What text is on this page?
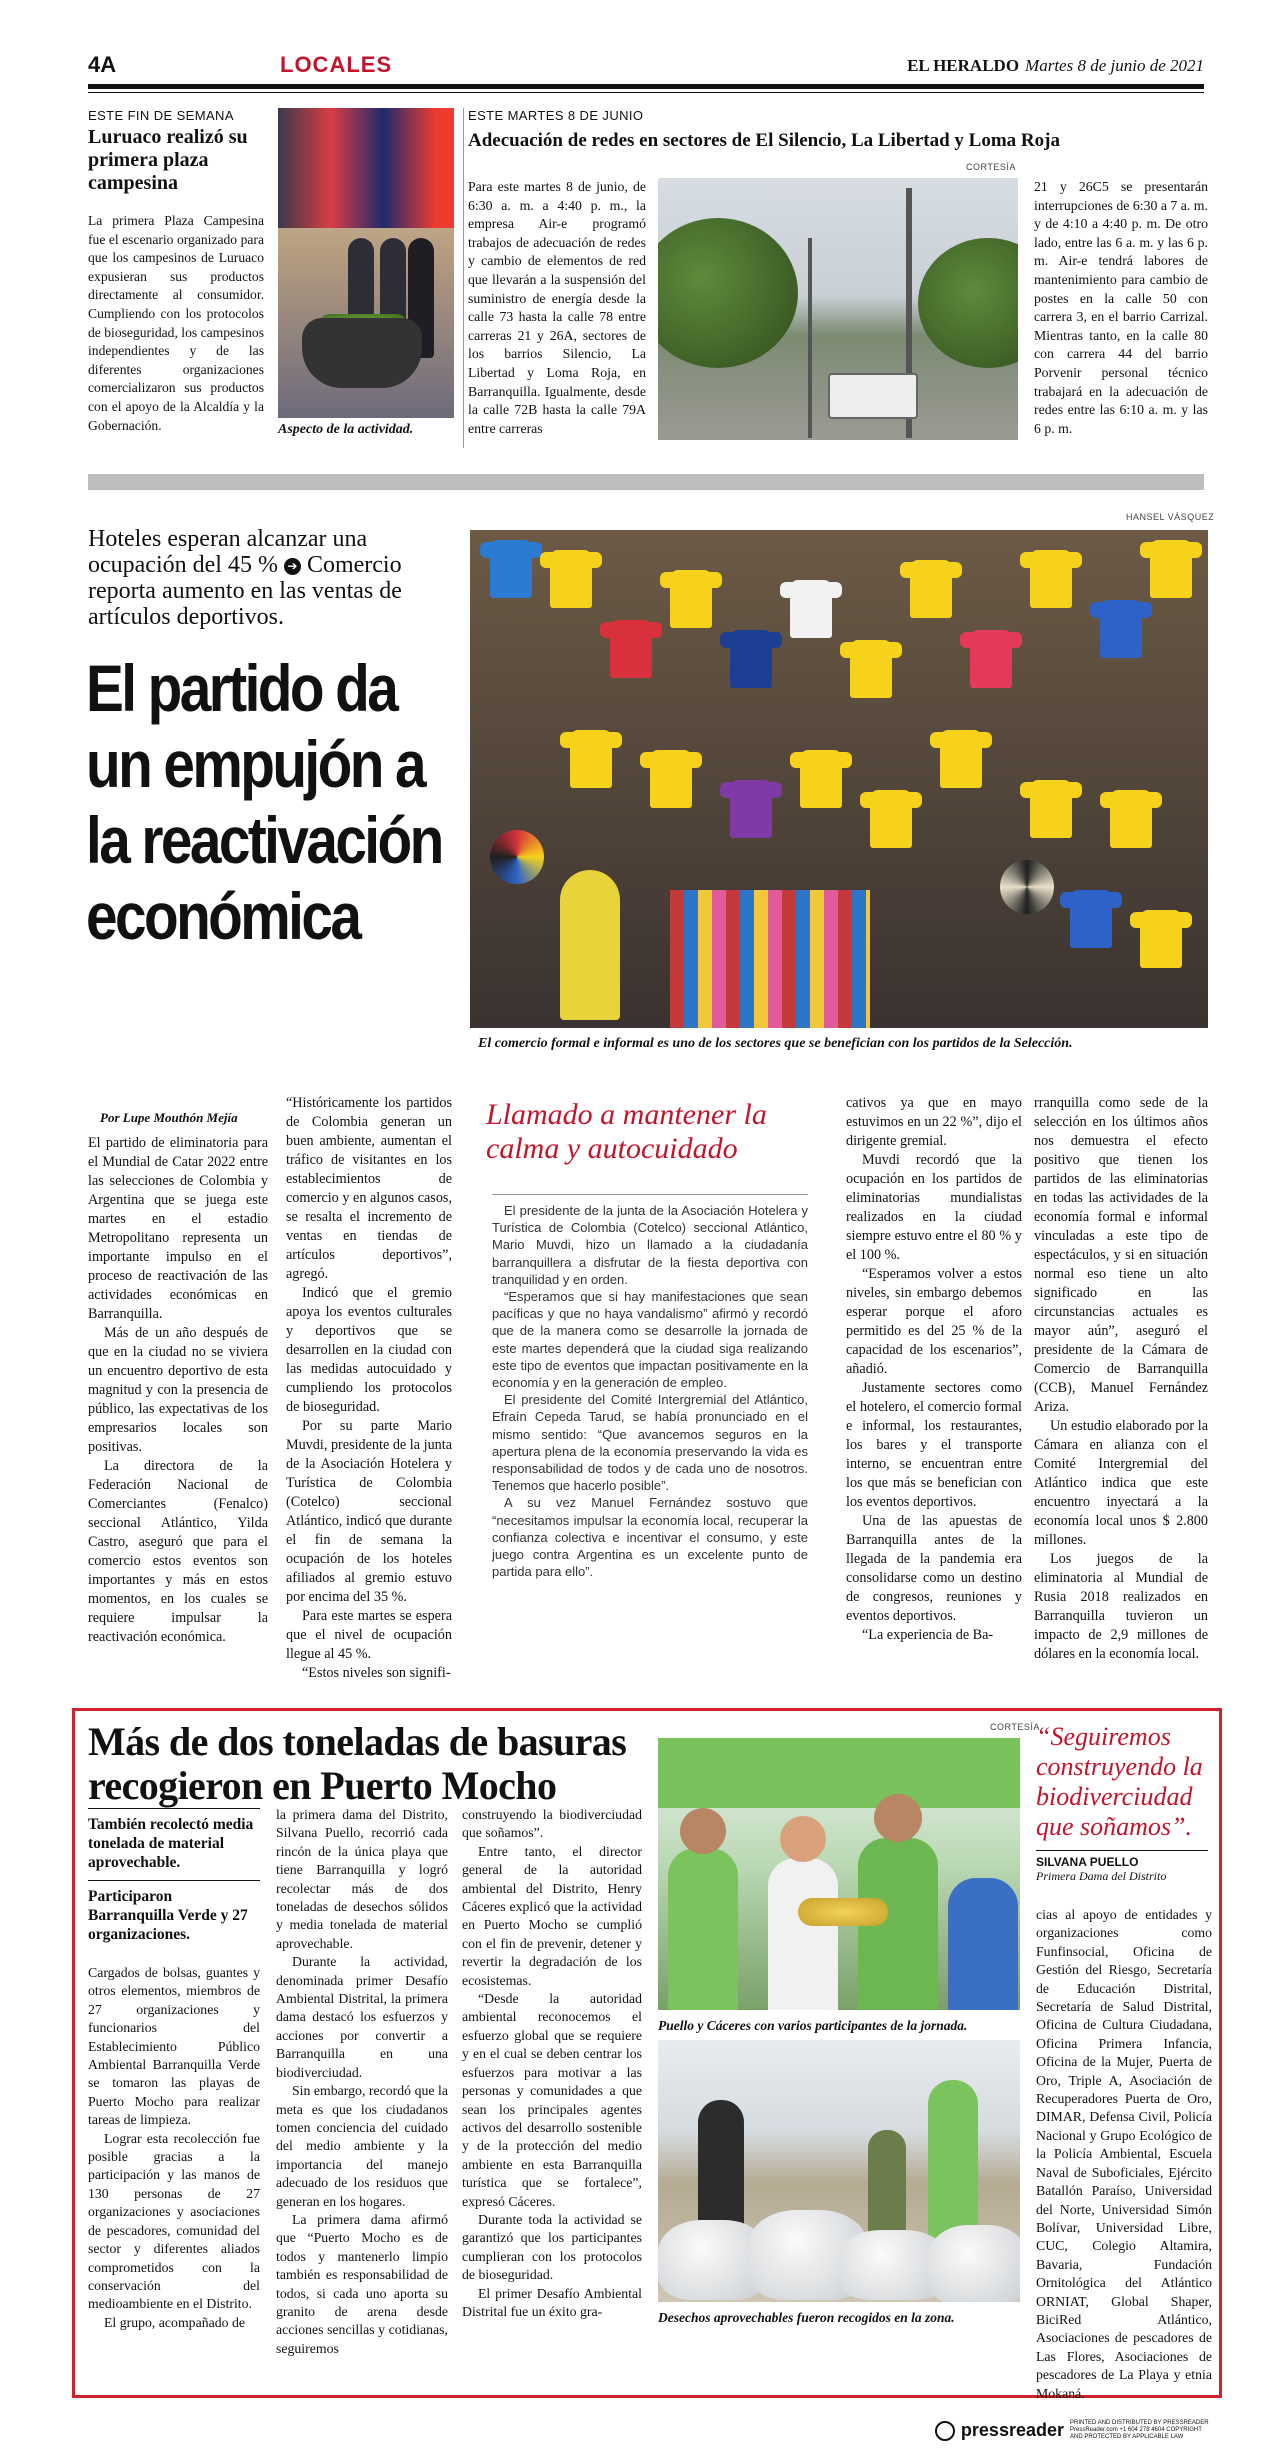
4A	LOCALES	EL HERALDO Martes 8 de junio de 2021
ESTE FIN DE SEMANA
Luruaco realizó su primera plaza campesina
La primera Plaza Campesina fue el escenario organizado para que los campesinos de Luruaco expusieran sus productos directamente al consumidor. Cumpliendo con los protocolos de bioseguridad, los campesinos independientes y de las diferentes organizaciones comercializaron sus productos con el apoyo de la Alcaldía y la Gobernación.	Aspecto de la actividad.
ESTE MARTES 8 DE JUNIO
Adecuación de redes en sectores de El Silencio, La Libertad y Loma Roja
CORTESÍA
Para este martes 8 de junio, de 6:30 a. m. a 4:40 p. m., la empresa Air-e programó trabajos de adecuación de redes y cambio de elementos de red que llevarán a la suspensión del suministro de energía desde la calle 73 hasta la calle 78 entre carreras 21 y 26A, sectores de los barrios Silencio, La Libertad y Loma Roja, en Barranquilla. Igualmente, desde la calle 72B hasta la calle 79A entre carreras
21 y 26C5 se presentarán interrupciones de 6:30 a 7 a. m. y de 4:10 a 4:40 p. m. De otro lado, entre las 6 a. m. y las 6 p. m. Air-e tendrá labores de mantenimiento para cambio de postes en la calle 50 con carrera 3, en el barrio Carrizal. Mientras tanto, en la calle 80 con carrera 44 del barrio Porvenir personal técnico trabajará en la adecuación de redes entre las 6:10 a. m. y las 6 p. m.
HANSEL VÁSQUEZ
Hoteles esperan alcanzar una ocupación del 45 % ➔ Comercio reporta aumento en las ventas de artículos deportivos.
El partido da un empujón a la reactivación económica
El comercio formal e informal es uno de los sectores que se benefician con los partidos de la Selección.
Por Lupe Mouthón Mejía

El partido de eliminatoria para el Mundial de Catar 2022 entre las selecciones de Colombia y Argentina que se juega este martes en el estadio Metropolitano representa un importante impulso en el proceso de reactivación de las actividades económicas en Barranquilla.

Más de un año después de que en la ciudad no se viviera un encuentro deportivo de esta magnitud y con la presencia de público, las expectativas de los empresarios locales son positivas.

La directora de la Federación Nacional de Comerciantes (Fenalco) seccional Atlántico, Yilda Castro, aseguró que para el comercio estos eventos son importantes y más en estos momentos, en los cuales se requiere impulsar la reactivación económica.

“Históricamente los partidos de Colombia generan un buen ambiente, aumentan el tráfico de visitantes en los establecimientos de comercio y en algunos casos, se resalta el incremento de ventas en tiendas de artículos deportivos”, agregó.

Indicó que el gremio apoya los eventos culturales y deportivos que se desarrollen en la ciudad con las medidas autocuidado y cumpliendo los protocolos de bioseguridad.

Por su parte Mario Muvdi, presidente de la junta de la Asociación Hotelera y Turística de Colombia (Cotelco) seccional Atlántico, indicó que durante el fin de semana la ocupación de los hoteles afiliados al gremio estuvo por encima del 35 %.

Para este martes se espera que el nivel de ocupación llegue al 45 %.

“Estos niveles son signifi-

Llamado a mantener la calma y autocuidado

El presidente de la junta de la Asociación Hotelera y Turística de Colombia (Cotelco) seccional Atlántico, Mario Muvdi, hizo un llamado a la ciudadanía barranquillera a disfrutar de la fiesta deportiva con tranquilidad y en orden.

“Esperamos que si hay manifestaciones que sean pacíficas y que no haya vandalismo” afirmó y recordó que de la manera como se desarrolle la jornada de este martes dependerá que la ciudad siga realizando este tipo de eventos que impactan positivamente en la economía y en la generación de empleo.

El presidente del Comité Intergremial del Atlántico, Efraín Cepeda Tarud, se había pronunciado en el mismo sentido: “Que avancemos seguros en la apertura plena de la economía preservando la vida es responsabilidad de todos y de cada uno de nosotros. Tenemos que hacerlo posible”.

A su vez Manuel Fernández sostuvo que “necesitamos impulsar la economía local, recuperar la confianza colectiva e incentivar el consumo, y este juego contra Argentina es un excelente punto de partida para ello”.

cativos ya que en mayo estuvimos en un 22 %”, dijo el dirigente gremial.

Muvdi recordó que la ocupación en los partidos de eliminatorias mundialistas realizados en la ciudad siempre estuvo entre el 80 % y el 100 %.

“Esperamos volver a estos niveles, sin embargo debemos esperar porque el aforo permitido es del 25 % de la capacidad de los escenarios”, añadió.

Justamente sectores como el hotelero, el comercio formal e informal, los restaurantes, los bares y el transporte interno, se encuentran entre los que más se benefician con los eventos deportivos.

Una de las apuestas de Barranquilla antes de la llegada de la pandemia era consolidarse como un destino de congresos, reuniones y eventos deportivos.

“La experiencia de Ba-

rranquilla como sede de la selección en los últimos años nos demuestra el efecto positivo que tienen los partidos de las eliminatorias en todas las actividades de la economía formal e informal vinculadas a este tipo de espectáculos, y si en situación normal eso tiene un alto significado en las circunstancias actuales es mayor aún”, aseguró el presidente de la Cámara de Comercio de Barranquilla (CCB), Manuel Fernández Ariza.

Un estudio elaborado por la Cámara en alianza con el Comité Intergremial del Atlántico indica que este encuentro inyectará a la economía local unos $ 2.800 millones.

Los juegos de la eliminatoria al Mundial de Rusia 2018 realizados en Barranquilla tuvieron un impacto de 2,9 millones de dólares en la economía local.

CORTESÍA
Más de dos toneladas de basuras recogieron en Puerto Mocho
También recolectó media tonelada de material aprovechable.
Participaron Barranquilla Verde y 27 organizaciones.

Cargados de bolsas, guantes y otros elementos, miembros de 27 organizaciones y funcionarios del Establecimiento Público Ambiental Barranquilla Verde se tomaron las playas de Puerto Mocho para realizar tareas de limpieza.

Lograr esta recolección fue posible gracias a la participación y las manos de 130 personas de 27 organizaciones y asociaciones de pescadores, comunidad del sector y diferentes aliados comprometidos con la conservación del medioambiente en el Distrito.

El grupo, acompañado de

la primera dama del Distrito, Silvana Puello, recorrió cada rincón de la única playa que tiene Barranquilla y logró recolectar más de dos toneladas de desechos sólidos y media tonelada de material aprovechable.

Durante la actividad, denominada primer Desafío Ambiental Distrital, la primera dama destacó los esfuerzos y acciones por convertir a Barranquilla en una biodiverciudad.

Sin embargo, recordó que la meta es que los ciudadanos tomen conciencia del cuidado del medio ambiente y la importancia del manejo adecuado de los residuos que generan en los hogares.

La primera dama afirmó que “Puerto Mocho es de todos y mantenerlo limpio también es responsabilidad de todos, si cada uno aporta su granito de arena desde acciones sencillas y cotidianas, seguiremos

construyendo la biodiverciudad que soñamos”.

Entre tanto, el director general de la autoridad ambiental del Distrito, Henry Cáceres explicó que la actividad en Puerto Mocho se cumplió con el fin de prevenir, detener y revertir la degradación de los ecosistemas.

“Desde la autoridad ambiental reconocemos el esfuerzo global que se requiere y en el cual se deben centrar los esfuerzos para motivar a las personas y comunidades a que sean los principales agentes activos del desarrollo sostenible y de la protección del medio ambiente en esta Barranquilla turística que se fortalece”, expresó Cáceres.

Durante toda la actividad se garantizó que los participantes cumplieran con los protocolos de bioseguridad.

El primer Desafío Ambiental Distrital fue un éxito gra-

Puello y Cáceres con varios participantes de la jornada.
Desechos aprovechables fueron recogidos en la zona.
“Seguiremos construyendo la biodiverciudad que soñamos”.
SILVANA PUELLO
Primera Dama del Distrito

cias al apoyo de entidades y organizaciones como Funfinsocial, Oficina de Gestión del Riesgo, Secretaría de Educación Distrital, Secretaría de Salud Distrital, Oficina de Cultura Ciudadana, Oficina Primera Infancia, Oficina de la Mujer, Puerta de Oro, Triple A, Asociación de Recuperadores Puerta de Oro, DIMAR, Defensa Civil, Policía Nacional y Grupo Ecológico de la Policía Ambiental, Escuela Naval de Suboficiales, Ejército Batallón Paraíso, Universidad del Norte, Universidad Simón Bolívar, Universidad Libre, CUC, Colegio Altamira, Bavaria, Fundación Ornitológica del Atlántico ORNIAT, Global Shaper, BiciRed Atlántico, Asociaciones de pescadores de Las Flores, Asociaciones de pescadores de La Playa y etnia Mokaná.

pressreader PRINTED AND DISTRIBUTED BY PRESSREADER PressReader.com +1 604 278 4604 COPYRIGHT AND PROTECTED BY APPLICABLE LAW
